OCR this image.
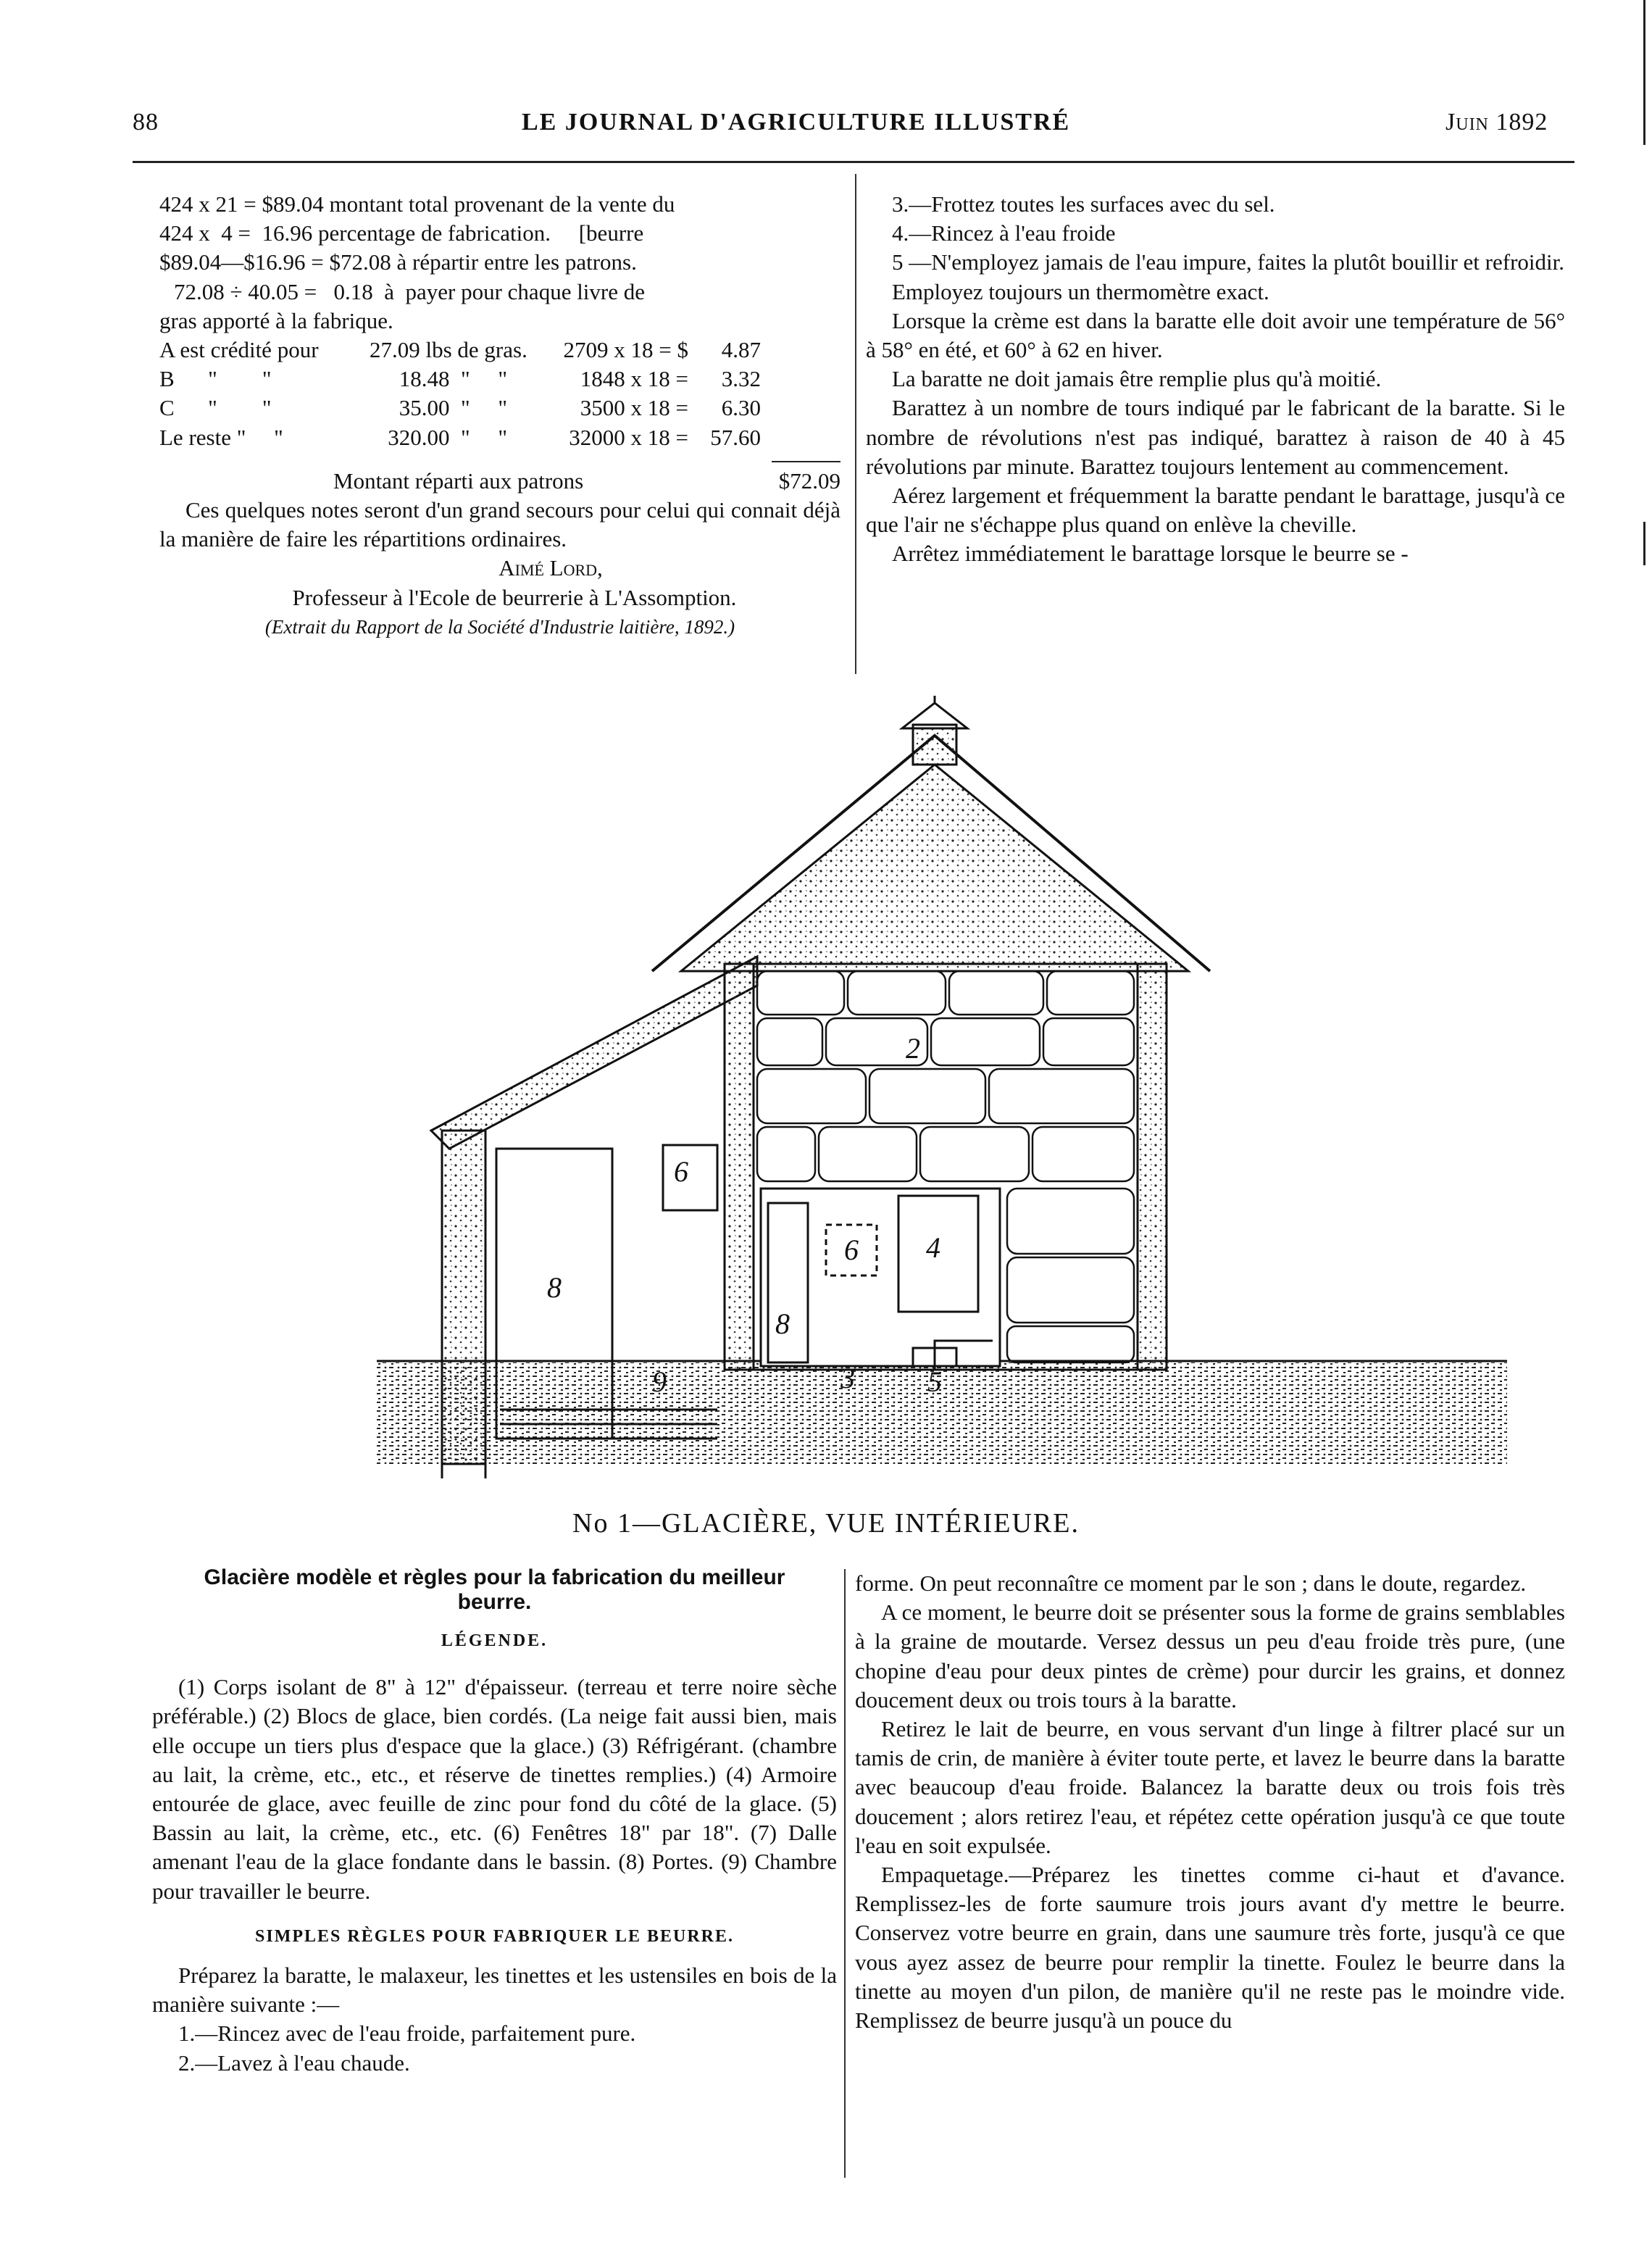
88	LE JOURNAL D'AGRICULTURE ILLUSTRÉ	Juin 1892

424 x 21 = $89.04 montant total provenant de la vente du

424 x  4 =  16.96 percentage de fabrication.     [beurre

$89.04—$16.96 = $72.08 à répartir entre les patrons.

72.08 ÷ 40.05 =   0.18  à  payer pour chaque livre de

gras apporté à la fabrique.

A est crédité pour	27.09 lbs de gras.	2709 x 18 = $	4.87
B      "        "	18.48  "     "	1848 x 18 =	3.32
C      "        "	35.00  "     "	3500 x 18 =	6.30
Le reste "     "	320.00  "     "	32000 x 18 = 57.60
Montant réparti aux patrons	$72.09

Ces quelques notes seront d'un grand secours pour celui qui connait déjà la manière de faire les répartitions ordinaires.

Aimé Lord,

Professeur à l'Ecole de beurrerie à L'Assomption.

(Extrait du Rapport de la Société d'Industrie laitière, 1892.)

3.—Frottez toutes les surfaces avec du sel.

4.—Rincez à l'eau froide

5 —N'employez jamais de l'eau impure, faites la plutôt bouillir et refroidir.

Employez toujours un thermomètre exact.

Lorsque la crème est dans la baratte elle doit avoir une température de 56° à 58° en été, et 60° à 62 en hiver.

La baratte ne doit jamais être remplie plus qu'à moitié.

Barattez à un nombre de tours indiqué par le fabricant de la baratte. Si le nombre de révolutions n'est pas indiqué, barattez à raison de 40 à 45 révolutions par minute. Barattez toujours lentement au commencement.

Aérez largement et fréquemment la baratte pendant le barattage, jusqu'à ce que l'air ne s'échappe plus quand on enlève la cheville.

Arrêtez immédiatement le barattage lorsque le beurre se -

2
6
4
6
8
8
9	3	5
No 1—GLACIÈRE, VUE INTÉRIEURE.

Glacière modèle et règles pour la fabrication du meilleur beurre.

LÉGENDE.

(1) Corps isolant de 8" à 12" d'épaisseur. (terreau et terre noire sèche préférable.) (2) Blocs de glace, bien cordés. (La neige fait aussi bien, mais elle occupe un tiers plus d'espace que la glace.) (3) Réfrigérant. (chambre au lait, la crème, etc., etc., et réserve de tinettes remplies.) (4) Armoire entourée de glace, avec feuille de zinc pour fond du côté de la glace. (5) Bassin au lait, la crème, etc., etc. (6) Fenêtres 18" par 18". (7) Dalle amenant l'eau de la glace fondante dans le bassin. (8) Portes. (9) Chambre pour travailler le beurre.

SIMPLES RÈGLES POUR FABRIQUER LE BEURRE.

Préparez la baratte, le malaxeur, les tinettes et les ustensiles en bois de la manière suivante :—

1.—Rincez avec de l'eau froide, parfaitement pure.

2.—Lavez à l'eau chaude.

forme. On peut reconnaître ce moment par le son ; dans le doute, regardez.

A ce moment, le beurre doit se présenter sous la forme de grains semblables à la graine de moutarde. Versez dessus un peu d'eau froide très pure, (une chopine d'eau pour deux pintes de crème) pour durcir les grains, et donnez doucement deux ou trois tours à la baratte.

Retirez le lait de beurre, en vous servant d'un linge à filtrer placé sur un tamis de crin, de manière à éviter toute perte, et lavez le beurre dans la baratte avec beaucoup d'eau froide. Balancez la baratte deux ou trois fois très doucement ; alors retirez l'eau, et répétez cette opération jusqu'à ce que toute l'eau en soit expulsée.

Empaquetage.—Préparez les tinettes comme ci-haut et d'avance. Remplissez-les de forte saumure trois jours avant d'y mettre le beurre. Conservez votre beurre en grain, dans une saumure très forte, jusqu'à ce que vous ayez assez de beurre pour remplir la tinette. Foulez le beurre dans la tinette au moyen d'un pilon, de manière qu'il ne reste pas le moindre vide. Remplissez de beurre jusqu'à un pouce du
